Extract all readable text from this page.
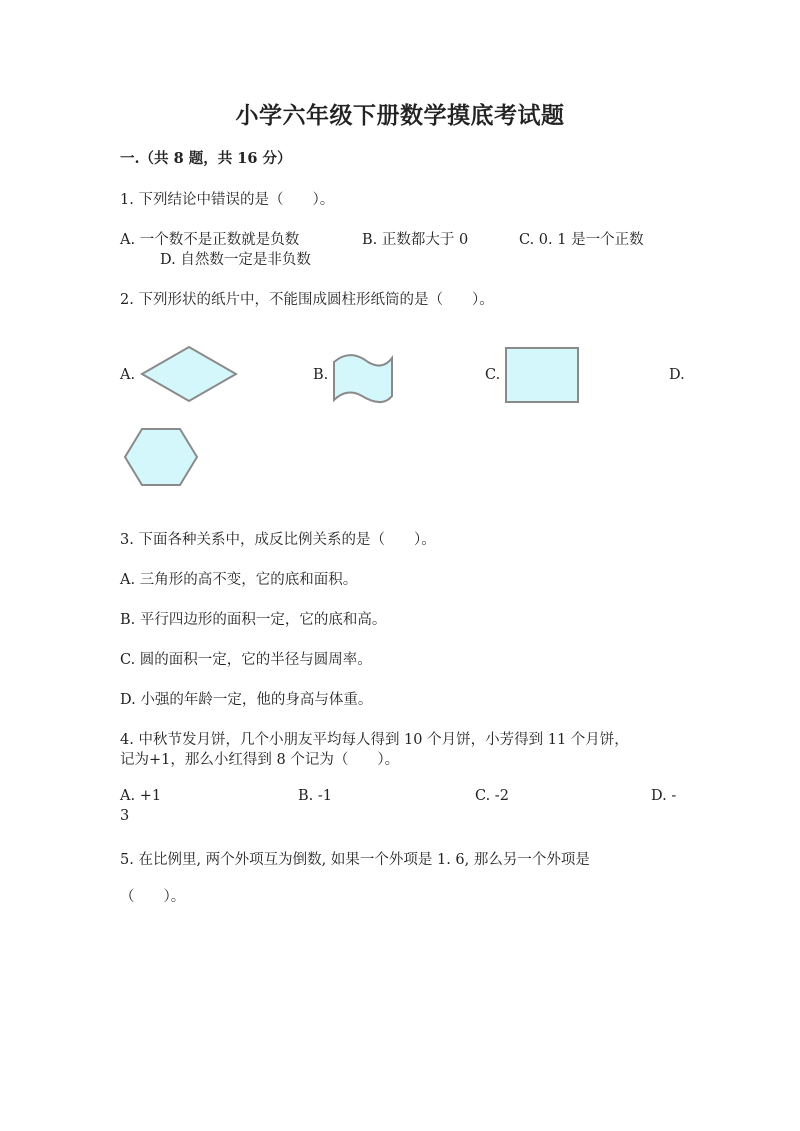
小学六年级下册数学摸底考试题
一.（共 8 题，共 16 分）
1. 下列结论中错误的是（　　）。
A. 一个数不是正数就是负数	B. 正数都大于 0	C. 0. 1 是一个正数
D. 自然数一定是非负数
2. 下列形状的纸片中，不能围成圆柱形纸筒的是（　　）。
A.	B.	C.	D.
3. 下面各种关系中，成反比例关系的是（　　）。
A. 三角形的高不变，它的底和面积。
B. 平行四边形的面积一定，它的底和高。
C. 圆的面积一定，它的半径与圆周率。
D. 小强的年龄一定，他的身高与体重。
4. 中秋节发月饼，几个小朋友平均每人得到 10 个月饼，小芳得到 11 个月饼，
记为+1，那么小红得到 8 个记为（　　）。
A. +1	B. -1	C. -2	D. -
3
5. 在比例里, 两个外项互为倒数, 如果一个外项是 1. 6, 那么另一个外项是
（　　）。
